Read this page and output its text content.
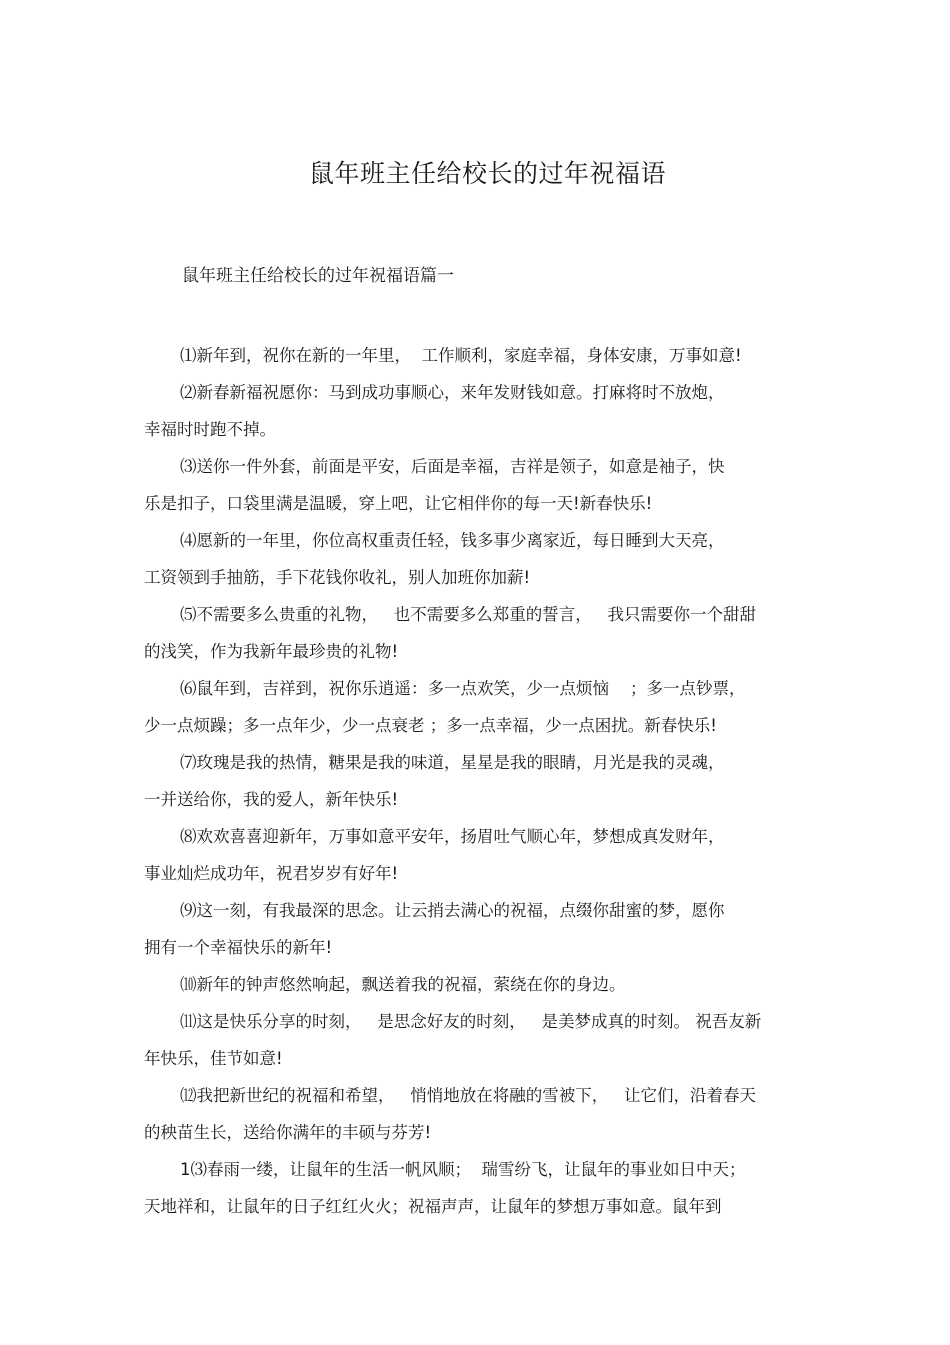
鼠年班主任给校长的过年祝福语
鼠年班主任给校长的过年祝福语篇一

⑴新年到，祝你在新的一年里，  工作顺利，家庭幸福，身体安康，万事如意!

⑵新春新福祝愿你：马到成功事顺心，来年发财钱如意。打麻将时不放炮，
幸福时时跑不掉。

⑶送你一件外套，前面是平安，后面是幸福，吉祥是领子，如意是袖子，快
乐是扣子，口袋里满是温暖，穿上吧，让它相伴你的每一天!新春快乐!

⑷愿新的一年里，你位高权重责任轻，钱多事少离家近，每日睡到大天亮，
工资领到手抽筋，手下花钱你收礼，别人加班你加薪!

⑸不需要多么贵重的礼物，   也不需要多么郑重的誓言，   我只需要你一个甜甜
的浅笑，作为我新年最珍贵的礼物!

⑹鼠年到，吉祥到，祝你乐逍遥：多一点欢笑，少一点烦恼    ；多一点钞票，
少一点烦躁；多一点年少，少一点衰老 ；多一点幸福，少一点困扰。新春快乐!

⑺玫瑰是我的热情，糖果是我的味道，星星是我的眼睛，月光是我的灵魂，
一并送给你，我的爱人，新年快乐!

⑻欢欢喜喜迎新年，万事如意平安年，扬眉吐气顺心年，梦想成真发财年，
事业灿烂成功年，祝君岁岁有好年!

⑼这一刻，有我最深的思念。让云捎去满心的祝福，点缀你甜蜜的梦，愿你
拥有一个幸福快乐的新年!

⑽新年的钟声悠然响起，飘送着我的祝福，萦绕在你的身边。

⑾这是快乐分享的时刻，   是思念好友的时刻，   是美梦成真的时刻。 祝吾友新
年快乐，佳节如意!

⑿我把新世纪的祝福和希望，   悄悄地放在将融的雪被下，   让它们，沿着春天
的秧苗生长，送给你满年的丰硕与芬芳!

1⑶春雨一缕，让鼠年的生活一帆风顺；  瑞雪纷飞，让鼠年的事业如日中天；
天地祥和，让鼠年的日子红红火火；祝福声声，让鼠年的梦想万事如意。鼠年到
